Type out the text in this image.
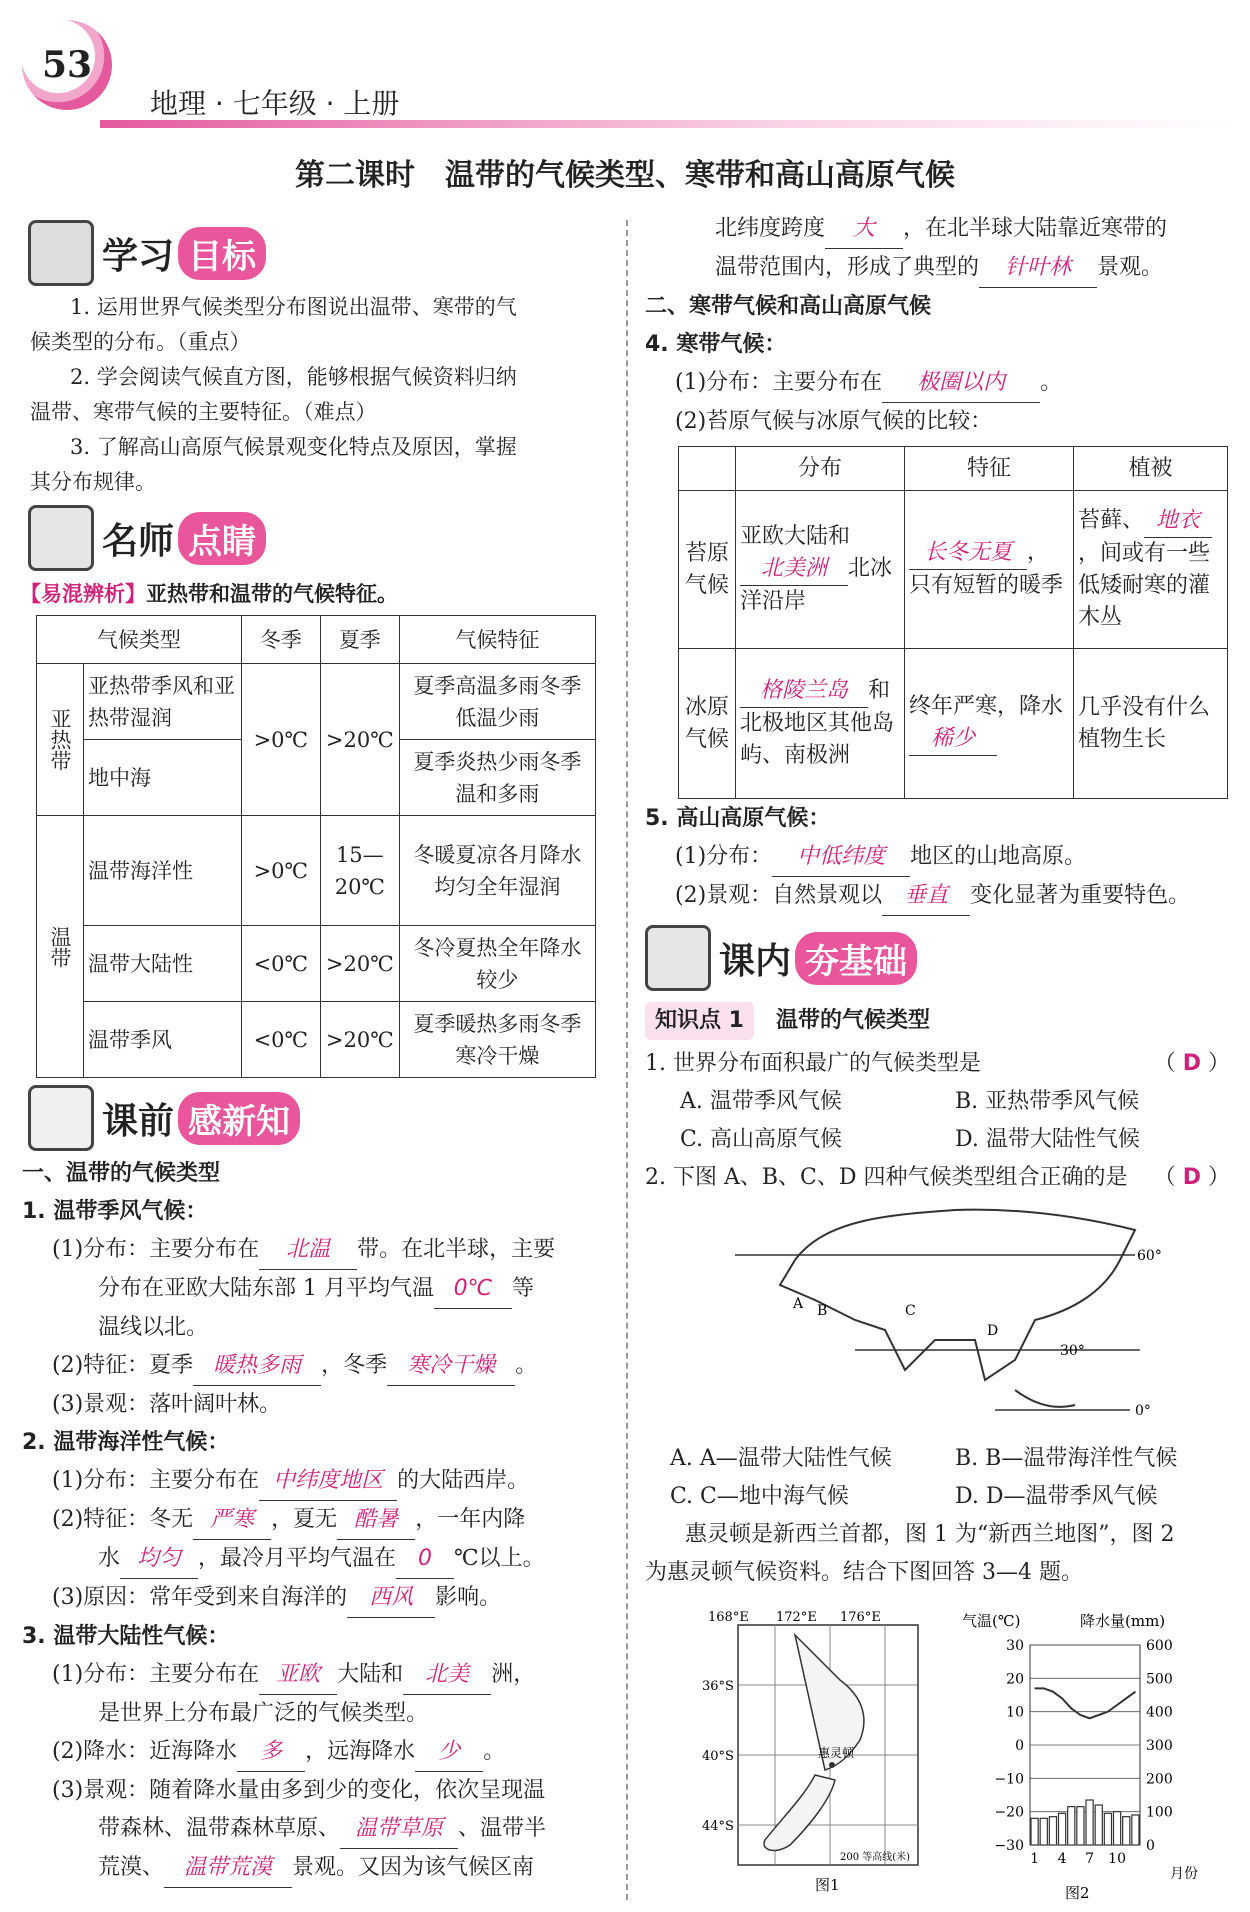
53
地理 · 七年级 · 上册
第二课时　温带的气候类型、寒带和高山高原气候
学习 目标
1. 运用世界气候类型分布图说出温带、寒带的气
候类型的分布。（重点）
2. 学会阅读气候直方图，能够根据气候资料归纳
温带、寒带气候的主要特征。（难点）
3. 了解高山高原气候景观变化特点及原因，掌握
其分布规律。
名师 点睛
【易混辨析】亚热带和温带的气候特征。
气候类型		冬季	夏季	气候特征
亚热带	亚热带季风和亚热带湿润	>0℃	>20℃	夏季高温多雨冬季低温少雨
	地中海			夏季炎热少雨冬季温和多雨
温带	温带海洋性	>0℃	15—20℃	冬暖夏凉各月降水均匀全年湿润
	温带大陆性	<0℃	>20℃	冬冷夏热全年降水较少
	温带季风	<0℃	>20℃	夏季暖热多雨冬季寒冷干燥
课前 感新知
一、温带的气候类型
1. 温带季风气候：
(1)分布：主要分布在 北温 带。在北半球，主要
分布在亚欧大陆东部 1 月平均气温 0℃ 等
温线以北。
(2)特征：夏季 暖热多雨 ，冬季 寒冷干燥 。
(3)景观：落叶阔叶林。
2. 温带海洋性气候：
(1)分布：主要分布在 中纬度地区 的大陆西岸。
(2)特征：冬无 严寒 ，夏无 酷暑 ，一年内降
水 均匀 ，最冷月平均气温在 0 ℃以上。
(3)原因：常年受到来自海洋的 西风 影响。
3. 温带大陆性气候：
(1)分布：主要分布在 亚欧 大陆和 北美 洲，
是世界上分布最广泛的气候类型。
(2)降水：近海降水 多 ，远海降水 少 。
(3)景观：随着降水量由多到少的变化，依次呈现温
带森林、温带森林草原、 温带草原 、温带半
荒漠、 温带荒漠 景观。又因为该气候区南
北纬度跨度 大 ，在北半球大陆靠近寒带的
温带范围内，形成了典型的 针叶林 景观。
二、寒带气候和高山高原气候
4. 寒带气候：
(1)分布：主要分布在 极圈以内 。
(2)苔原气候与冰原气候的比较：
	分布	特征	植被
苔原气候	亚欧大陆和北美洲 北冰洋沿岸	长冬无夏 ，只有短暂的暖季	苔藓、 地衣，间或有一些低矮耐寒的灌木丛
冰原气候	格陵兰岛 和北极地区其他岛屿、南极洲	终年严寒，降水稀少	几乎没有什么植物生长
5. 高山高原气候：
(1)分布： 中低纬度 地区的山地高原。
(2)景观：自然景观以 垂直 变化显著为重要特色。
课内 夯基础
知识点 1　 温带的气候类型
1. 世界分布面积最广的气候类型是	（ D ）
A. 温带季风气候	B. 亚热带季风气候
C. 高山高原气候	D. 温带大陆性气候
2. 下图 A、B、C、D 四种气候类型组合正确的是 （ D ）
60°
30°
0°
A B	C
D
A. A—温带大陆性气候	B. B—温带海洋性气候
C. C—地中海气候	D. D—温带季风气候
惠灵顿是新西兰首都，图 1 为“新西兰地图”，图 2
为惠灵顿气候资料。结合下图回答 3—4 题。
惠灵顿
168°E 172°E 176°E
36°S
40°S
44°S
200 等高线(米)
图1
气温(℃)	降水量(mm)
30	600
20	500
10	400
0	300
−10	200
−20	100
−30	0
1 4 7 10
月份
图2
